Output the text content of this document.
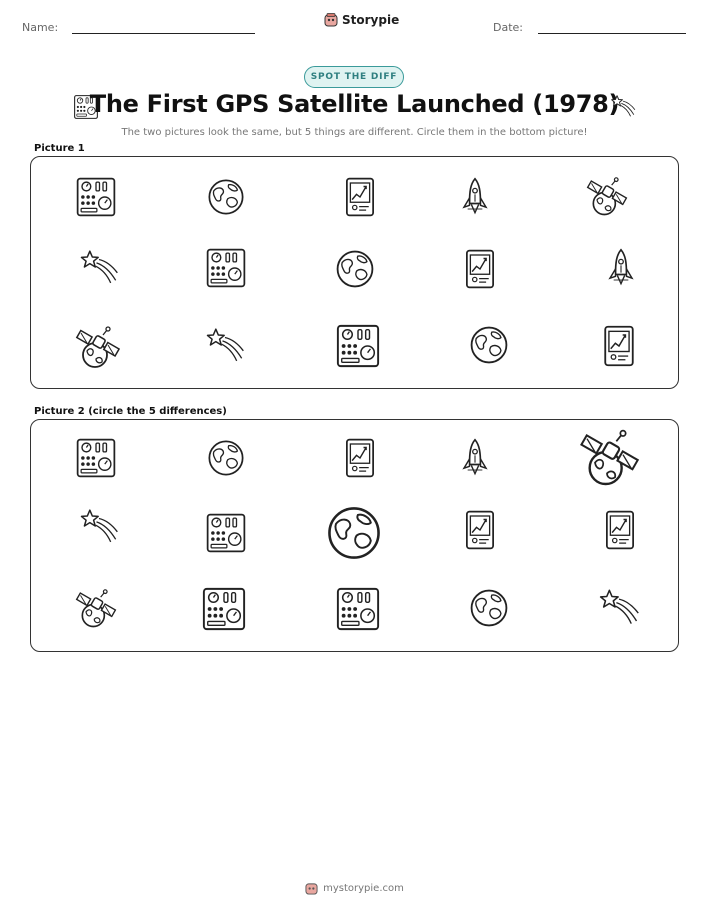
Name:
Storypie
Date:
SPOT THE DIFF
The First GPS Satellite Launched (1978)
The two pictures look the same, but 5 things are different. Circle them in the bottom picture!
Picture 1
Picture 2 (circle the 5 differences)
mystorypie.com
